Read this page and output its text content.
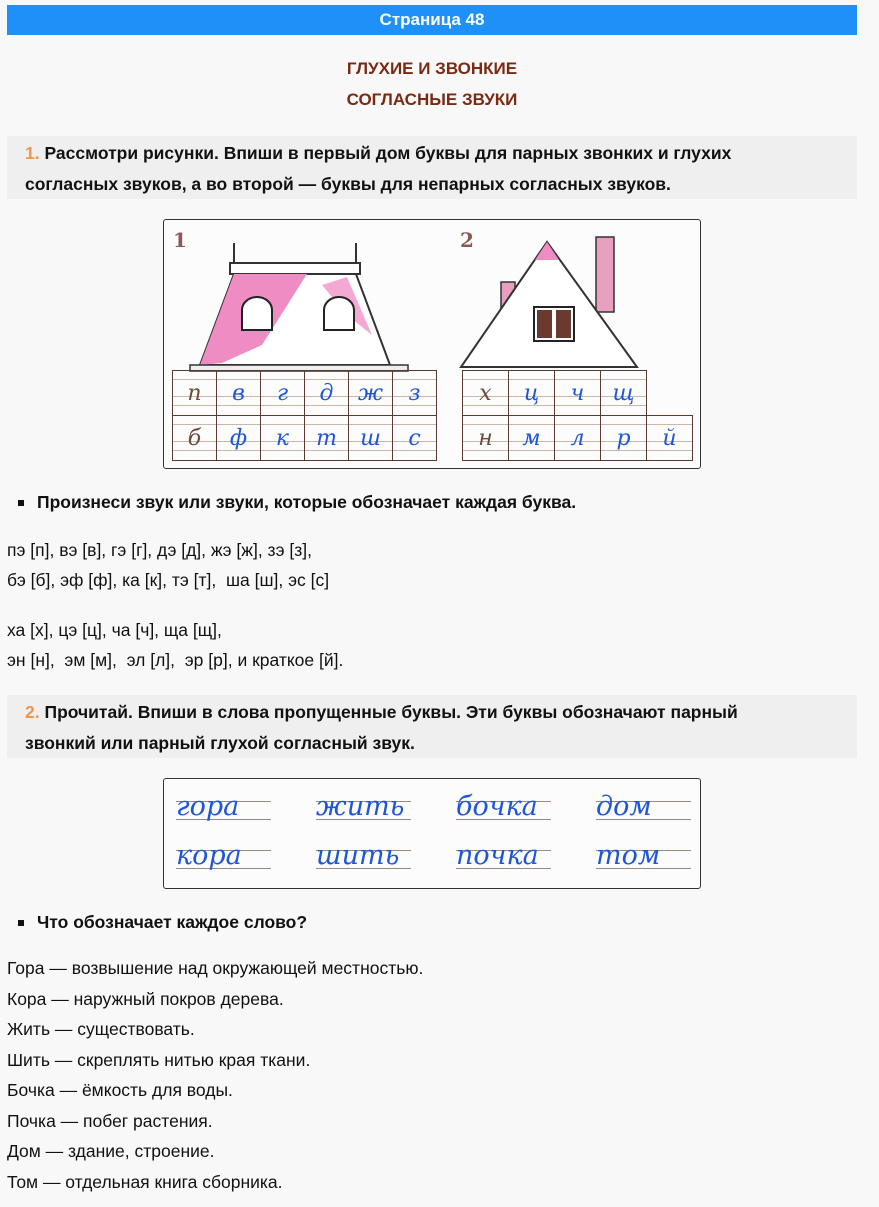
Страница 48
ГЛУХИЕ И ЗВОНКИЕ
СОГЛАСНЫЕ ЗВУКИ
1. Рассмотри рисунки. Впиши в первый дом буквы для парных звонких и глухих
согласных звуков, а во второй — буквы для непарных согласных звуков.
1	2
п	в	г	д	ж	з
б	ф	к	т	ш	с
х	ц	ч	щ
н	м	л	р	й
Произнеси звук или звуки, которые обозначает каждая буква.
пэ [п], вэ [в], гэ [г], дэ [д], жэ [ж], зэ [з],
бэ [б], эф [ф], ка [к], тэ [т],  ша [ш], эс [с]
ха [х], цэ [ц], ча [ч], ща [щ],
эн [н],  эм [м],  эл [л],  эр [р], и краткое [й].
2. Прочитай. Впиши в слова пропущенные буквы. Эти буквы обозначают парный
звонкий или парный глухой согласный звук.
гора	жить бочка	дом
кора	шить	почка	том
Что обозначает каждое слово?
Гора — возвышение над окружающей местностью.
Кора — наружный покров дерева.
Жить — существовать.
Шить — скреплять нитью края ткани.
Бочка — ёмкость для воды.
Почка — побег растения.
Дом — здание, строение.
Том — отдельная книга сборника.
